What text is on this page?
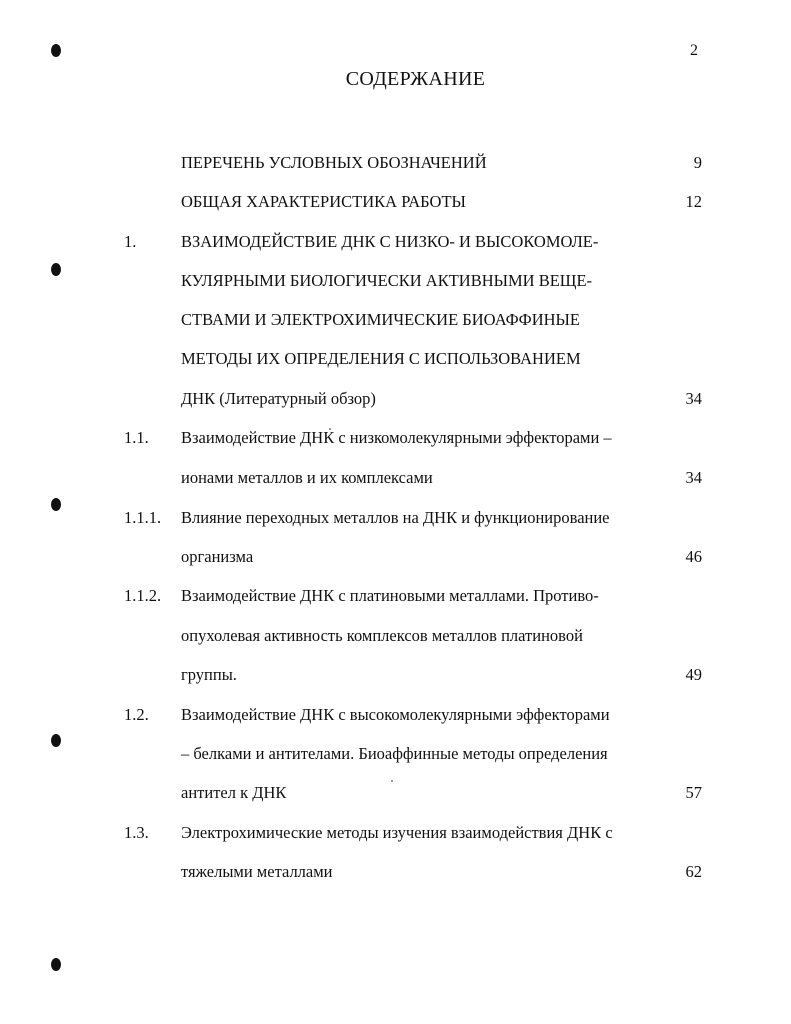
2
СОДЕРЖАНИЕ
ПЕРЕЧЕНЬ УСЛОВНЫХ ОБОЗНАЧЕНИЙ	9
ОБЩАЯ ХАРАКТЕРИСТИКА РАБОТЫ	12
1.	ВЗАИМОДЕЙСТВИЕ ДНК С НИЗКО- И ВЫСОКОМОЛЕ-
КУЛЯРНЫМИ БИОЛОГИЧЕСКИ АКТИВНЫМИ ВЕЩЕ-
СТВАМИ И ЭЛЕКТРОХИМИЧЕСКИЕ БИОАФФИНЫЕ
МЕТОДЫ ИХ ОПРЕДЕЛЕНИЯ С ИСПОЛЬЗОВАНИЕМ
ДНК (Литературный обзор)	34
1.1. Взаимодействие ДНК с низкомолекулярными эффекторами –
ионами металлов и их комплексами	34
1.1.1. Влияние переходных металлов на ДНК и функционирование
организма	46
1.1.2. Взаимодействие ДНК с платиновыми металлами. Противо-
опухолевая активность комплексов металлов платиновой
группы.	49
1.2. Взаимодействие ДНК с высокомолекулярными эффекторами
– белками и антителами. Биоаффинные методы определения
антител к ДНК	57
1.3. Электрохимические методы изучения взаимодействия ДНК с
тяжелыми металлами	62
